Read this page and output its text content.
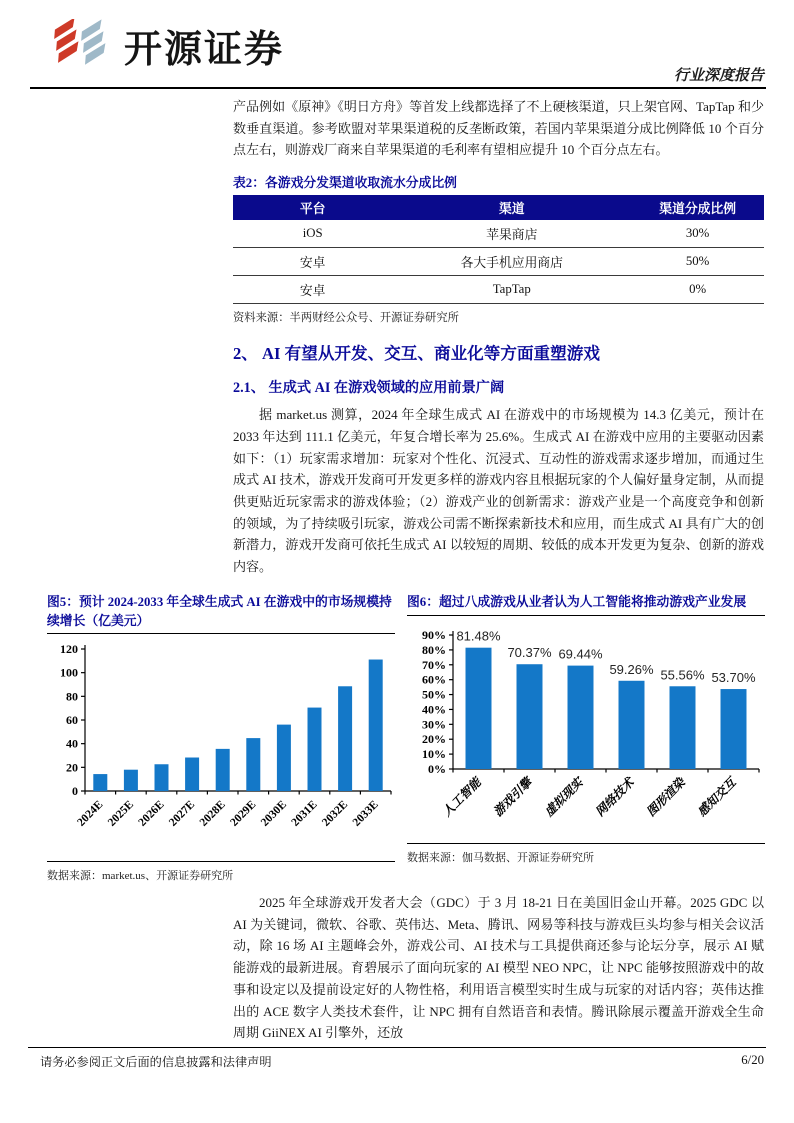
开源证券
行业深度报告

产品例如《原神》《明日方舟》等首发上线都选择了不上硬核渠道，只上架官网、TapTap 和少数垂直渠道。参考欧盟对苹果渠道税的反垄断政策，若国内苹果渠道分成比例降低 10 个百分点左右，则游戏厂商来自苹果渠道的毛利率有望相应提升 10 个百分点左右。

表2：各游戏分发渠道收取流水分成比例
平台	渠道	渠道分成比例
iOS	苹果商店	30%
安卓	各大手机应用商店	50%
安卓	TapTap	0%
资料来源：半两财经公众号、开源证券研究所
2、 AI 有望从开发、交互、商业化等方面重塑游戏
2.1、 生成式 AI 在游戏领域的应用前景广阔

据 market.us 测算，2024 年全球生成式 AI 在游戏中的市场规模为 14.3 亿美元，预计在 2033 年达到 111.1 亿美元，年复合增长率为 25.6%。生成式 AI 在游戏中应用的主要驱动因素如下：（1）玩家需求增加：玩家对个性化、沉浸式、互动性的游戏需求逐步增加，而通过生成式 AI 技术，游戏开发商可开发更多样的游戏内容且根据玩家的个人偏好量身定制，从而提供更贴近玩家需求的游戏体验；（2）游戏产业的创新需求：游戏产业是一个高度竞争和创新的领域，为了持续吸引玩家，游戏公司需不断探索新技术和应用，而生成式 AI 具有广大的创新潜力，游戏开发商可依托生成式 AI 以较短的周期、较低的成本开发更为复杂、创新的游戏内容。

图5：预计 2024-2033 年全球生成式 AI 在游戏中的市场规模持续增长（亿美元）
0
20
40
60
80
100
120
2024E 2025E 2026E 2027E 2028E 2029E 2030E 2031E 2032E 2033E
数据来源：market.us、开源证券研究所
图6：超过八成游戏从业者认为人工智能将推动游戏产业发展
0%
10%
20%
30%
40%
50%
60%
70%
80%
90% 81.48%
人工智能
70.37%
游戏引擎
69.44%
虚拟现实
59.26%
网络技术
55.56%
图形渲染
53.70%
感知交互
数据来源：伽马数据、开源证券研究所

2025 年全球游戏开发者大会（GDC）于 3 月 18-21 日在美国旧金山开幕。2025 GDC 以 AI 为关键词，微软、谷歌、英伟达、Meta、腾讯、网易等科技与游戏巨头均参与相关会议活动，除 16 场 AI 主题峰会外，游戏公司、AI 技术与工具提供商还参与论坛分享，展示 AI 赋能游戏的最新进展。育碧展示了面向玩家的 AI 模型 NEO NPC，让 NPC 能够按照游戏中的故事和设定以及提前设定好的人物性格，利用语言模型实时生成与玩家的对话内容；英伟达推出的 ACE 数字人类技术套件，让 NPC 拥有自然语音和表情。腾讯除展示覆盖开游戏全生命周期 GiiNEX AI 引擎外，还放

请务必参阅正文后面的信息披露和法律声明	6/20
